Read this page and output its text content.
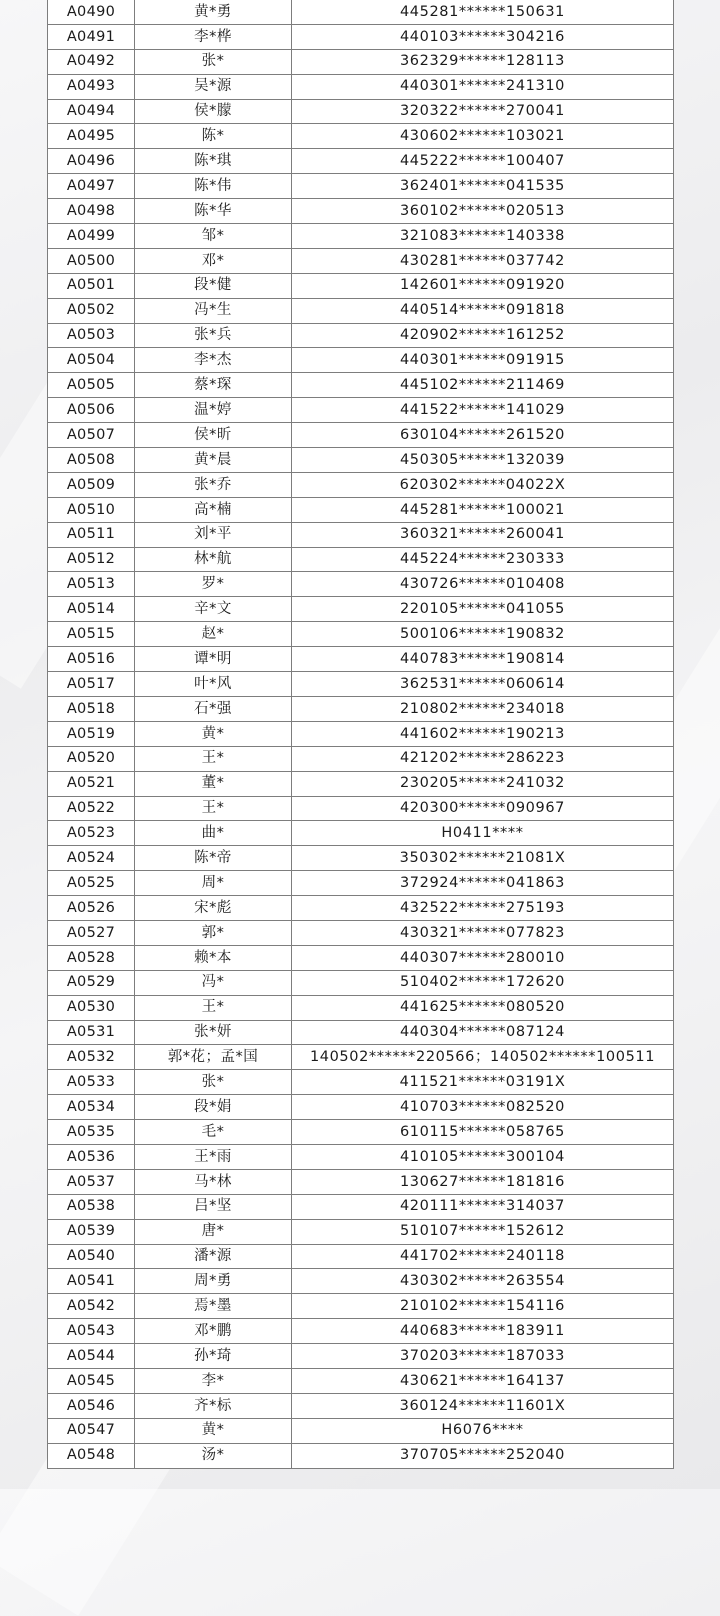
A0490	黄*勇	445281******150631
A0491	李*桦	440103******304216
A0492	张*	362329******128113
A0493	吴*源	440301******241310
A0494	侯*朦	320322******270041
A0495	陈*	430602******103021
A0496	陈*琪	445222******100407
A0497	陈*伟	362401******041535
A0498	陈*华	360102******020513
A0499	邹*	321083******140338
A0500	邓*	430281******037742
A0501	段*健	142601******091920
A0502	冯*生	440514******091818
A0503	张*兵	420902******161252
A0504	李*杰	440301******091915
A0505	蔡*琛	445102******211469
A0506	温*婷	441522******141029
A0507	侯*昕	630104******261520
A0508	黄*晨	450305******132039
A0509	张*乔	620302******04022X
A0510	高*楠	445281******100021
A0511	刘*平	360321******260041
A0512	林*航	445224******230333
A0513	罗*	430726******010408
A0514	辛*文	220105******041055
A0515	赵*	500106******190832
A0516	谭*明	440783******190814
A0517	叶*风	362531******060614
A0518	石*强	210802******234018
A0519	黄*	441602******190213
A0520	王*	421202******286223
A0521	董*	230205******241032
A0522	王*	420300******090967
A0523	曲*	H0411****
A0524	陈*帝	350302******21081X
A0525	周*	372924******041863
A0526	宋*彪	432522******275193
A0527	郭*	430321******077823
A0528	赖*本	440307******280010
A0529	冯*	510402******172620
A0530	王*	441625******080520
A0531	张*妍	440304******087124
A0532	郭*花；孟*国	140502******220566；140502******100511
A0533	张*	411521******03191X
A0534	段*娟	410703******082520
A0535	毛*	610115******058765
A0536	王*雨	410105******300104
A0537	马*林	130627******181816
A0538	吕*坚	420111******314037
A0539	唐*	510107******152612
A0540	潘*源	441702******240118
A0541	周*勇	430302******263554
A0542	焉*墨	210102******154116
A0543	邓*鹏	440683******183911
A0544	孙*琦	370203******187033
A0545	李*	430621******164137
A0546	齐*标	360124******11601X
A0547	黄*	H6076****
A0548	汤*	370705******252040
